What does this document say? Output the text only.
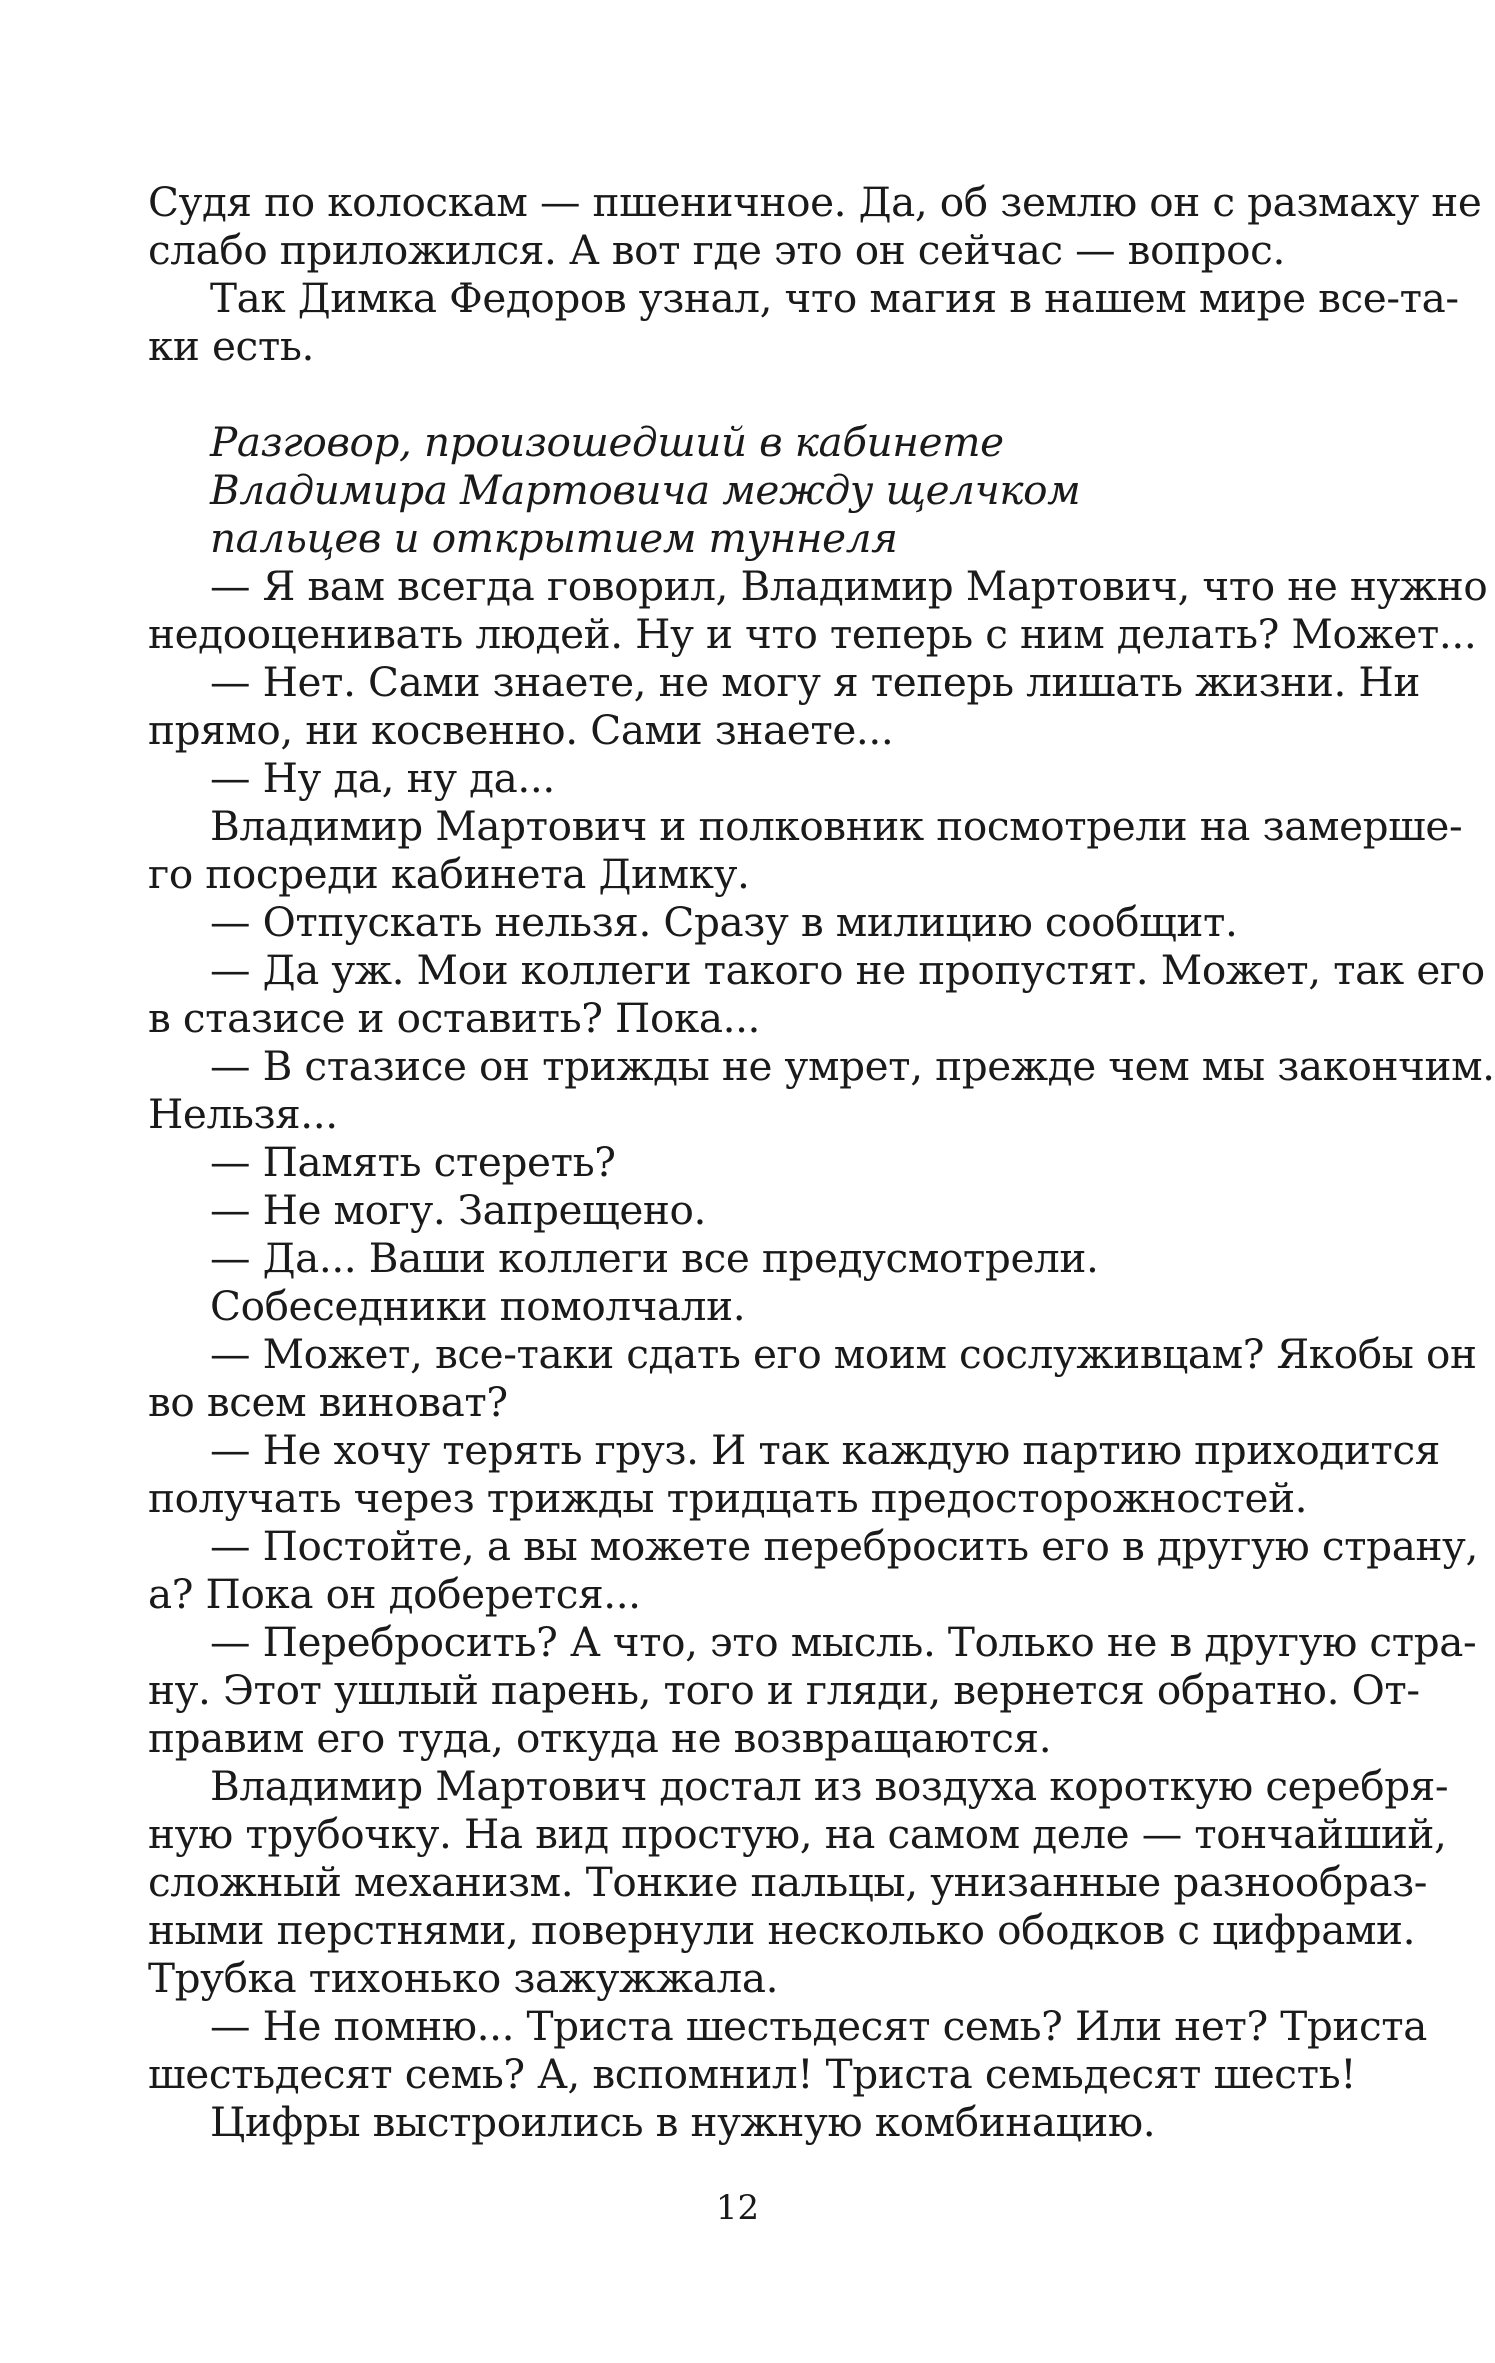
Судя по колоскам — пшеничное. Да, об землю он с размаху не
слабо приложился. А вот где это он сейчас — вопрос.
Так Димка Федоров узнал, что магия в нашем мире все-та-
ки есть.
Разговор, произошедший в кабинете
Владимира Мартовича между щелчком
пальцев и открытием туннеля
— Я вам всегда говорил, Владимир Мартович, что не нужно
недооценивать людей. Ну и что теперь с ним делать? Может...
— Нет. Сами знаете, не могу я теперь лишать жизни. Ни
прямо, ни косвенно. Сами знаете...
— Ну да, ну да...
Владимир Мартович и полковник посмотрели на замерше-
го посреди кабинета Димку.
— Отпускать нельзя. Сразу в милицию сообщит.
— Да уж. Мои коллеги такого не пропустят. Может, так его
в стазисе и оставить? Пока...
— В стазисе он трижды не умрет, прежде чем мы закончим.
Нельзя...
— Память стереть?
— Не могу. Запрещено.
— Да... Ваши коллеги все предусмотрели.
Собеседники помолчали.
— Может, все-таки сдать его моим сослуживцам? Якобы он
во всем виноват?
— Не хочу терять груз. И так каждую партию приходится
получать через трижды тридцать предосторожностей.
— Постойте, а вы можете перебросить его в другую страну,
а? Пока он доберется...
— Перебросить? А что, это мысль. Только не в другую стра-
ну. Этот ушлый парень, того и гляди, вернется обратно. От-
правим его туда, откуда не возвращаются.
Владимир Мартович достал из воздуха короткую серебря-
ную трубочку. На вид простую, на самом деле — тончайший,
сложный механизм. Тонкие пальцы, унизанные разнообраз-
ными перстнями, повернули несколько ободков с цифрами.
Трубка тихонько зажужжала.
— Не помню... Триста шестьдесят семь? Или нет? Триста
шестьдесят семь? А, вспомнил! Триста семьдесят шесть!
Цифры выстроились в нужную комбинацию.
12
